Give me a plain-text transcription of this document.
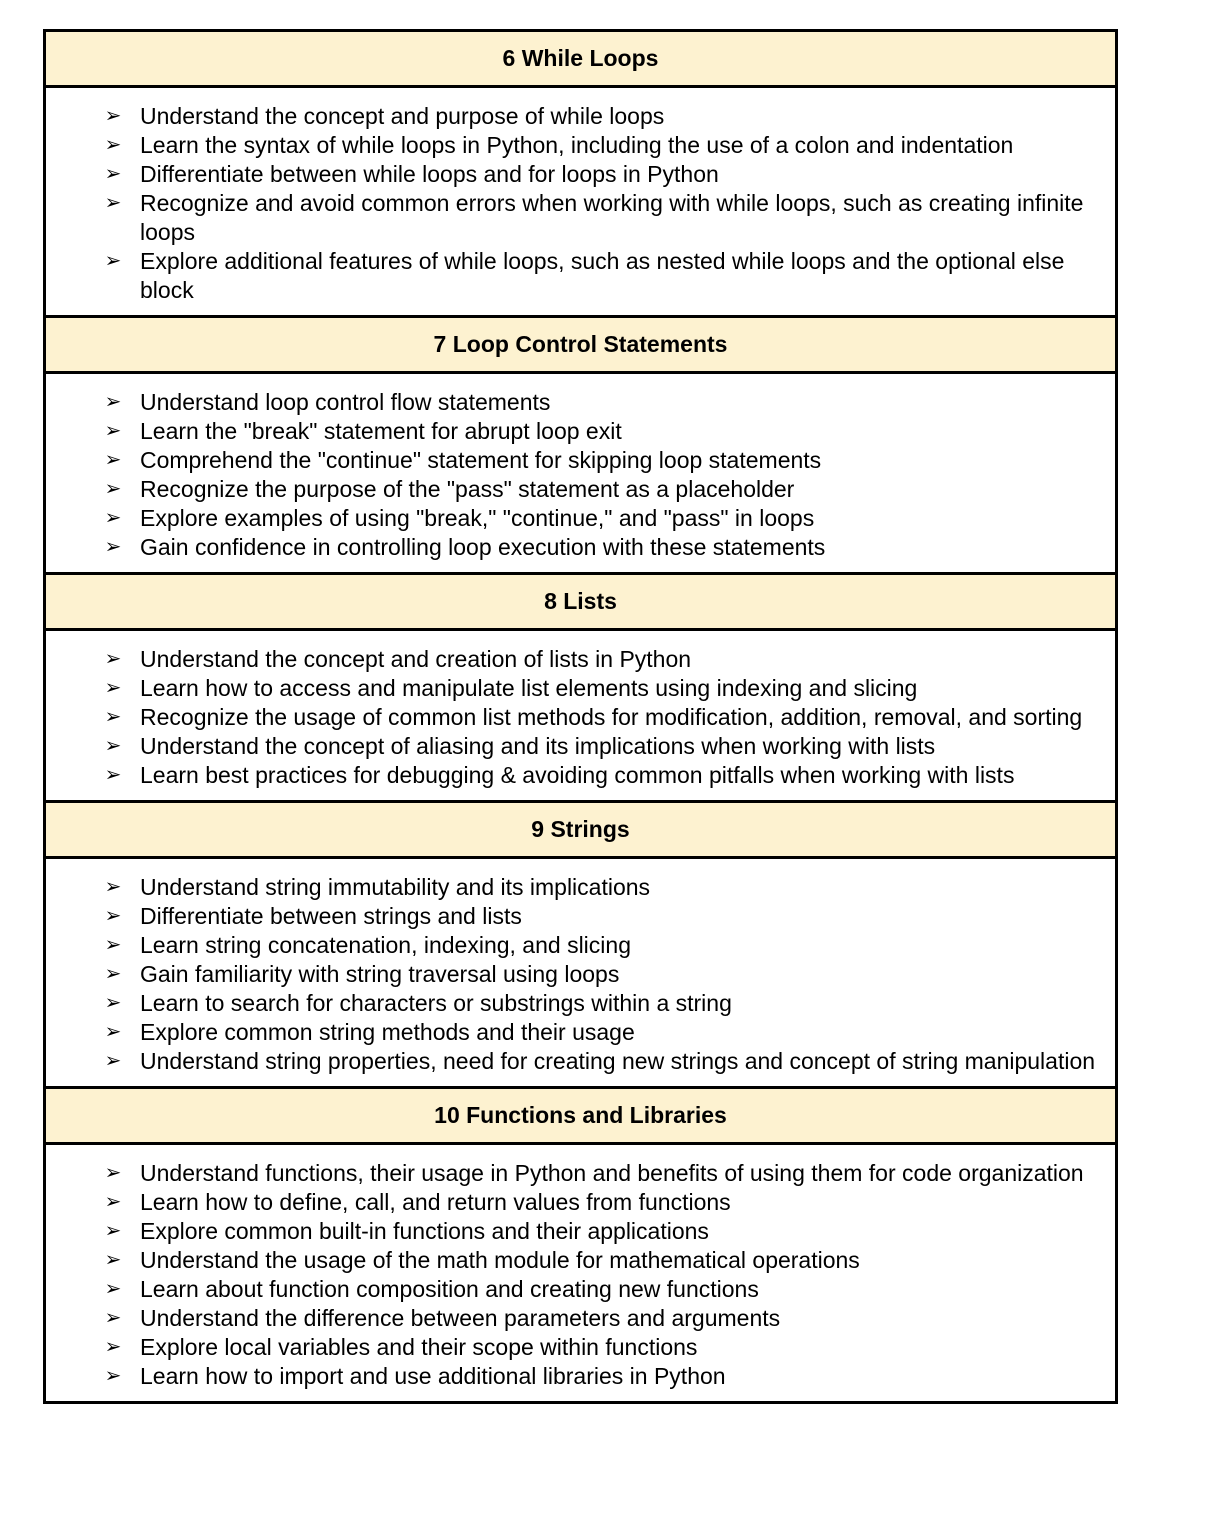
6 While Loops

➢ Understand the concept and purpose of while loops
➢ Learn the syntax of while loops in Python, including the use of a colon and indentation
➢ Differentiate between while loops and for loops in Python
➢ Recognize and avoid common errors when working with while loops, such as creating infinite loops
➢ Explore additional features of while loops, such as nested while loops and the optional else block

7 Loop Control Statements

➢ Understand loop control flow statements
➢ Learn the "break" statement for abrupt loop exit
➢ Comprehend the "continue" statement for skipping loop statements
➢ Recognize the purpose of the "pass" statement as a placeholder
➢ Explore examples of using "break," "continue," and "pass" in loops
➢ Gain confidence in controlling loop execution with these statements

8 Lists

➢ Understand the concept and creation of lists in Python
➢ Learn how to access and manipulate list elements using indexing and slicing
➢ Recognize the usage of common list methods for modification, addition, removal, and sorting
➢ Understand the concept of aliasing and its implications when working with lists
➢ Learn best practices for debugging & avoiding common pitfalls when working with lists

9 Strings

➢ Understand string immutability and its implications
➢ Differentiate between strings and lists
➢ Learn string concatenation, indexing, and slicing
➢ Gain familiarity with string traversal using loops
➢ Learn to search for characters or substrings within a string
➢ Explore common string methods and their usage
➢ Understand string properties, need for creating new strings and concept of string manipulation

10 Functions and Libraries

➢ Understand functions, their usage in Python and benefits of using them for code organization
➢ Learn how to define, call, and return values from functions
➢ Explore common built-in functions and their applications
➢ Understand the usage of the math module for mathematical operations
➢ Learn about function composition and creating new functions
➢ Understand the difference between parameters and arguments
➢ Explore local variables and their scope within functions
➢ Learn how to import and use additional libraries in Python
